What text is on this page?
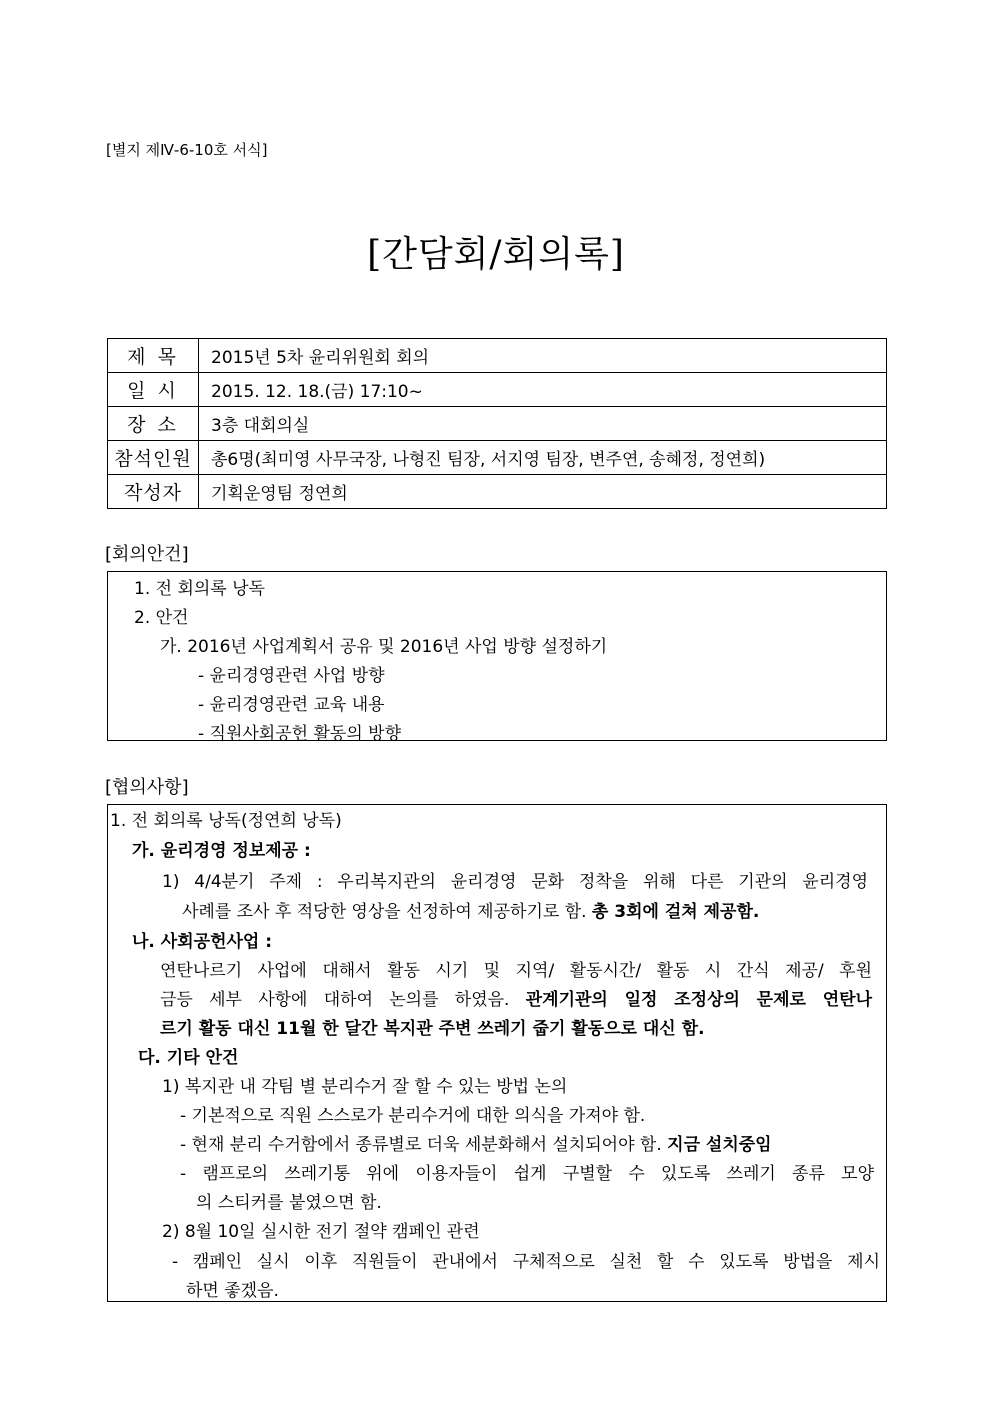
[별지 제Ⅳ-6-10호 서식]
[간담회/회의록]
제 목	2015년 5차 윤리위원회 회의
일 시	2015. 12. 18.(금) 17:10~
장 소	3층 대회의실
참석인원	총6명(최미영 사무국장, 나형진 팀장, 서지영 팀장, 변주연, 송혜정, 정연희)
작성자	기획운영팀 정연희
[회의안건]
1. 전 회의록 낭독
2. 안건
가. 2016년 사업계획서 공유 및 2016년 사업 방향 설정하기
- 윤리경영관련 사업 방향
- 윤리경영관련 교육 내용
- 직원사회공헌 활동의 방향
[협의사항]
1. 전 회의록 낭독(정연희 낭독)
가. 윤리경영 정보제공 :
1) 4/4분기 주제 : 우리복지관의 윤리경영 문화 정착을 위해 다른 기관의 윤리경영
사례를 조사 후 적당한 영상을 선정하여 제공하기로 함. 총 3회에 걸쳐 제공함.
나. 사회공헌사업 :
연탄나르기 사업에 대해서 활동 시기 및 지역/ 활동시간/ 활동 시 간식 제공/ 후원
금등 세부 사항에 대하여 논의를 하였음. 관계기관의 일정 조정상의 문제로 연탄나
르기 활동 대신 11월 한 달간 복지관 주변 쓰레기 줍기 활동으로 대신 함.
다. 기타 안건
1) 복지관 내 각팀 별 분리수거 잘 할 수 있는 방법 논의
- 기본적으로 직원 스스로가 분리수거에 대한 의식을 가져야 함.
- 현재 분리 수거함에서 종류별로 더욱 세분화해서 설치되어야 함. 지금 설치중임
- 램프로의 쓰레기통 위에 이용자들이 쉽게 구별할 수 있도록 쓰레기 종류 모양
의 스티커를 붙였으면 함.
2) 8월 10일 실시한 전기 절약 캠페인 관련
- 캠페인 실시 이후 직원들이 관내에서 구체적으로 실천 할 수 있도록 방법을 제시
하면 좋겠음.
